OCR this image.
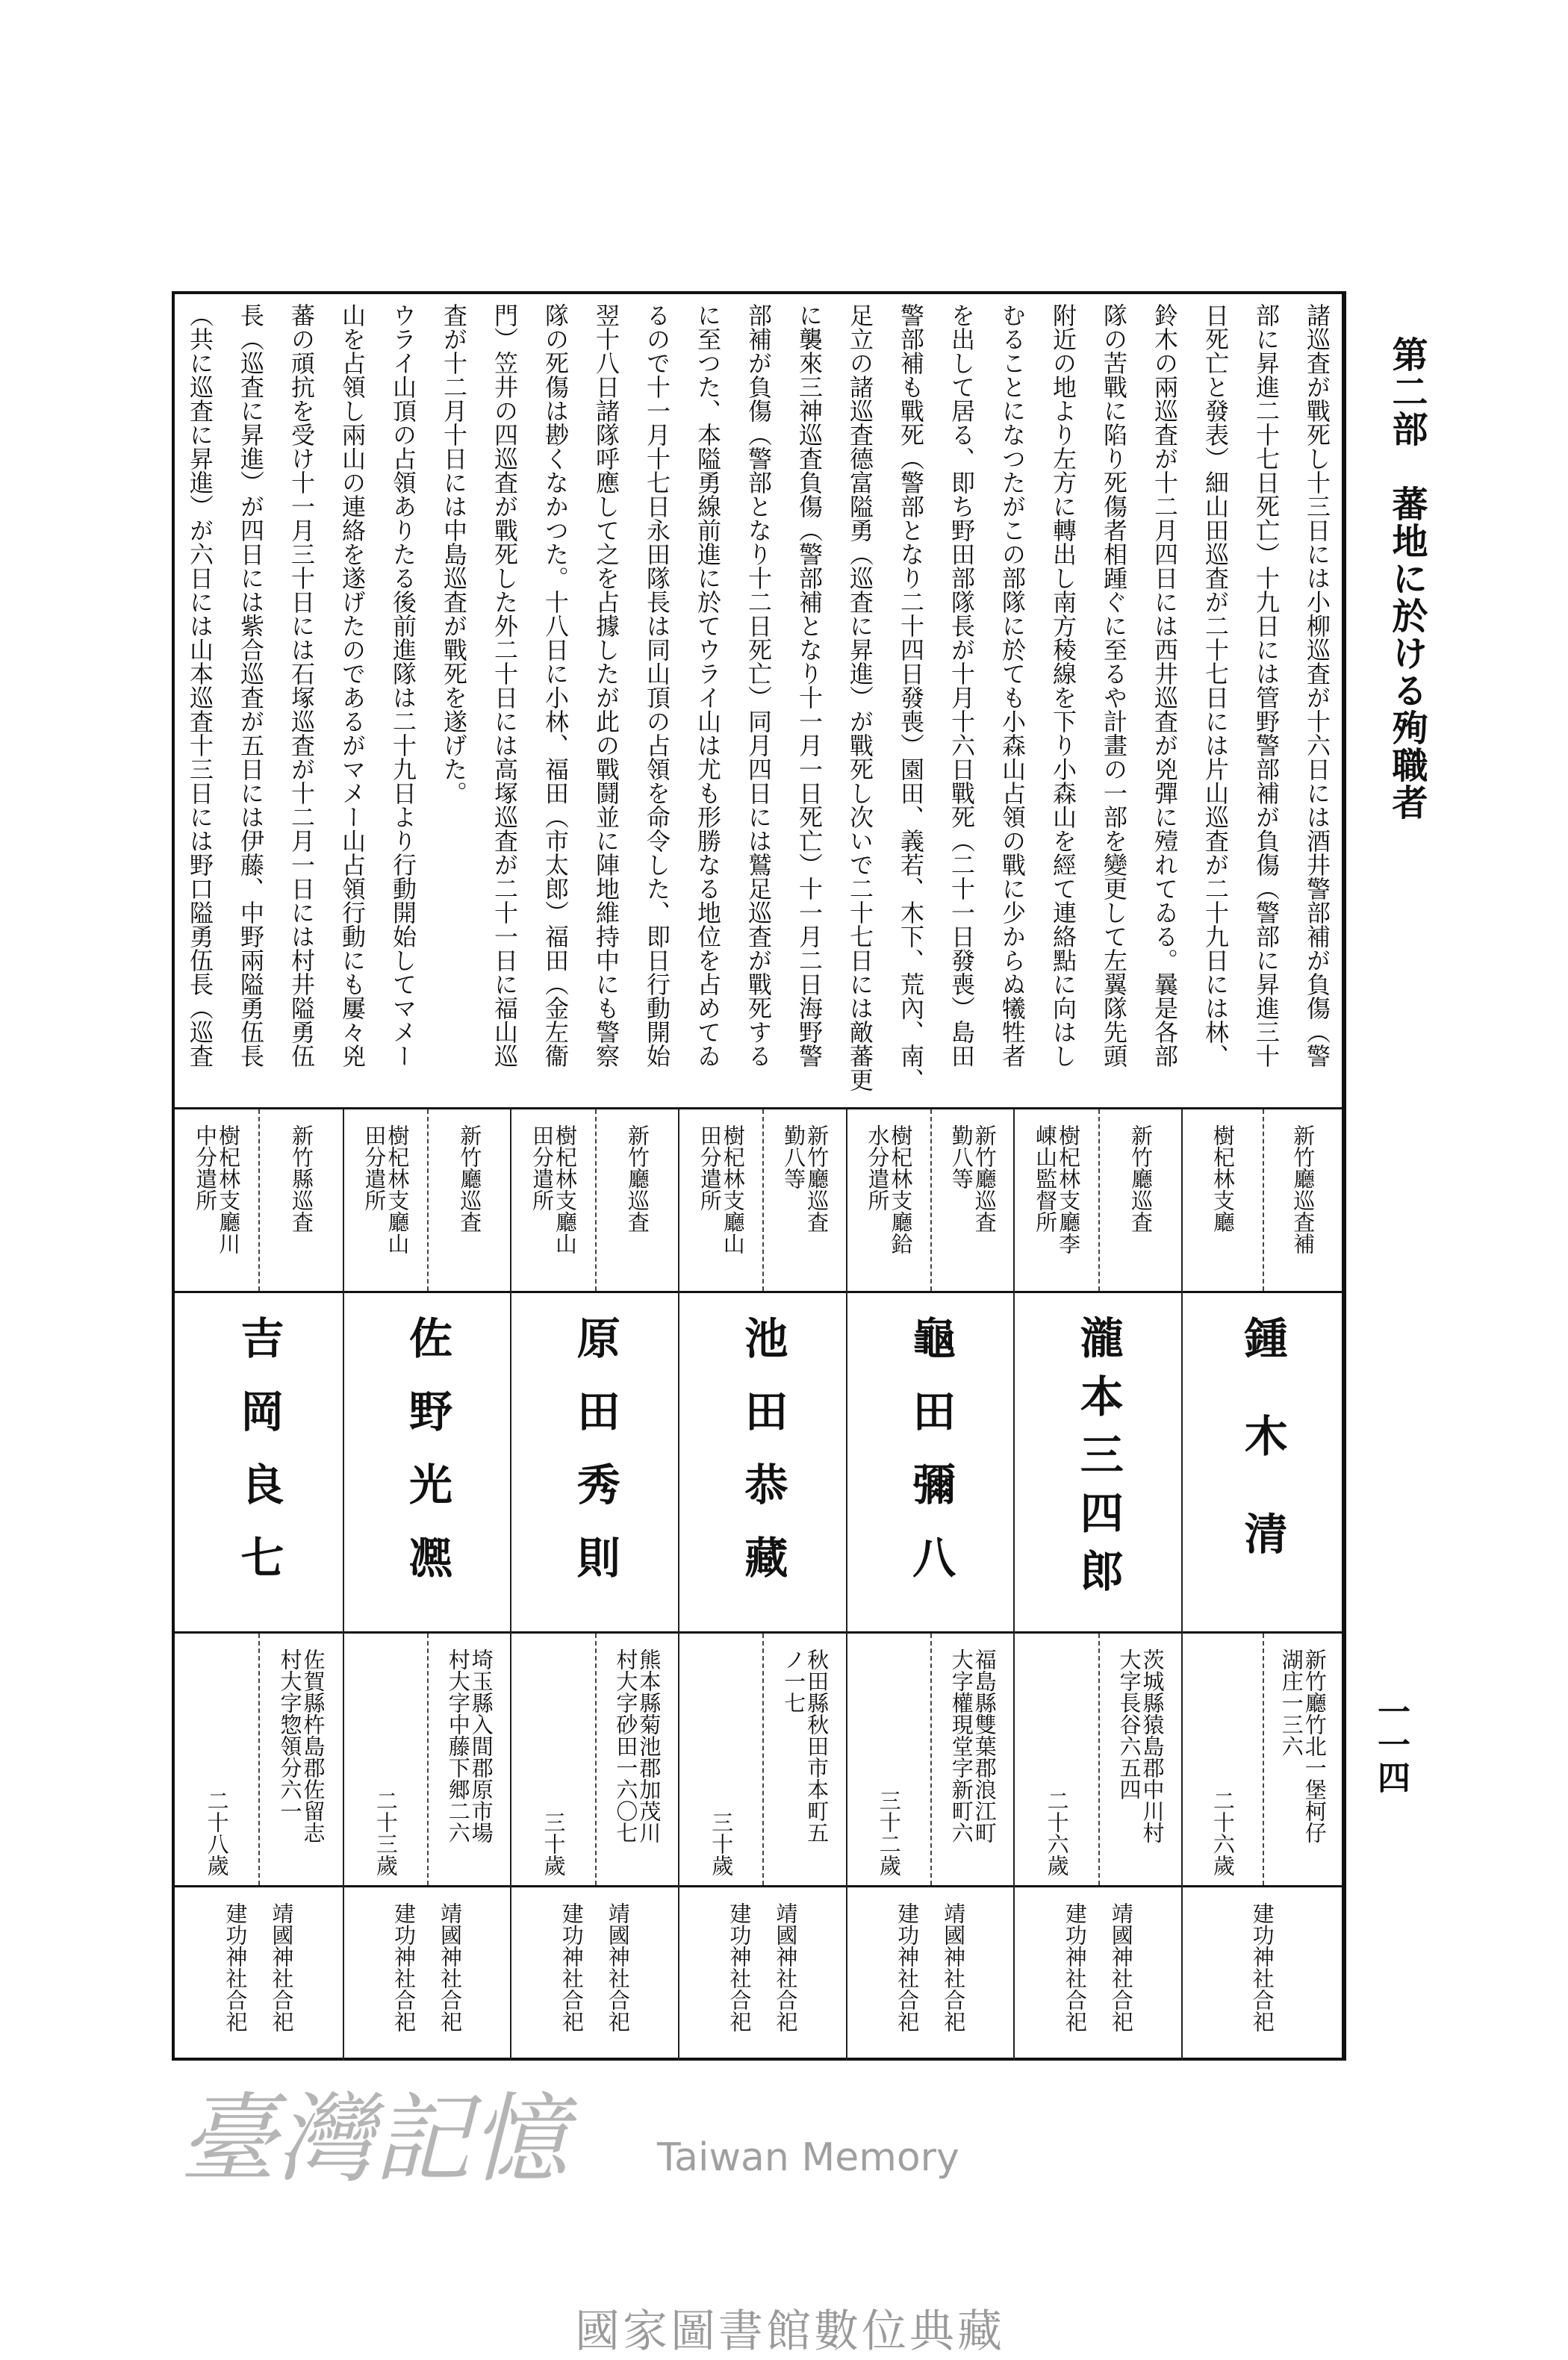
第二部蕃地に於ける殉職者
一一四

諸巡査が戰死し十三日には小柳巡査が十六日には酒井警部補が負傷（警

部に昇進二十七日死亡）十九日には管野警部補が負傷（警部に昇進三十

日死亡と發表）細山田巡査が二十七日には片山巡査が二十九日には林、

鈴木の兩巡査が十二月四日には西井巡査が兇彈に殪れてゐる。曩是各部

隊の苦戰に陷り死傷者相踵ぐに至るや計畫の一部を變更して左翼隊先頭

附近の地より左方に轉出し南方稜線を下り小森山を經て連絡點に向はし

むることになつたがこの部隊に於ても小森山占領の戰に少からぬ犧牲者

を出して居る、即ち野田部隊長が十月十六日戰死（二十一日發喪）島田

警部補も戰死（警部となり二十四日發喪）園田、義若、木下、荒內、南、

足立の諸巡査德富隘勇（巡査に昇進）が戰死し次いで二十七日には敵蕃更

に襲來三神巡査負傷（警部補となり十一月一日死亡）十一月二日海野警

部補が負傷（警部となり十二日死亡）同月四日には鷲足巡査が戰死する

に至つた、本隘勇線前進に於てウライ山は尤も形勝なる地位を占めてゐ

るので十一月十七日永田隊長は同山頂の占領を命令した、即日行動開始

翌十八日諸隊呼應して之を占據したが此の戰鬪並に陣地維持中にも警察

隊の死傷は尠くなかつた。十八日に小林、福田（市太郎）福田（金左衞

門）笠井の四巡査が戰死した外二十日には高塚巡査が二十一日に福山巡

査が十二月十日には中島巡査が戰死を遂げた。

ウライ山頂の占領ありたる後前進隊は二十九日より行動開始してマメー

山を占領し兩山の連絡を遂げたのであるがマメー山占領行動にも屢々兇

蕃の頑抗を受け十一月三十日には石塚巡査が十二月一日には村井隘勇伍

長（巡査に昇進）が四日には紫合巡査が五日には伊藤、中野兩隘勇伍長

（共に巡査に昇進）が六日には山本巡査十三日には野口隘勇伍長（巡査

新竹廳巡査補
樹杞林支廳
鍾木清
新竹廳竹北一堡柯仔
湖庄一三六
二十六歲
建功神社合祀
新竹廳巡査
樹杞林支廳李
崠山監督所
瀧本三四郎
茨城縣猿島郡中川村
大字長谷六五四
二十六歲
靖國神社合祀
建功神社合祀
新竹廳巡査
勤八等
樹杞林支廳鉿
水分遣所
龜田彌八
福島縣雙葉郡浪江町
大字權現堂字新町六
三十二歲
靖國神社合祀
建功神社合祀
新竹廳巡査
勤八等
樹杞林支廳山
田分遣所
池田恭藏
秋田縣秋田市本町五
ノ一七
三十歲
靖國神社合祀
建功神社合祀
新竹廳巡査
樹杞林支廳山
田分遣所
原田秀則
熊本縣菊池郡加茂川
村大字砂田一六〇七
三十歲
靖國神社合祀
建功神社合祀
新竹廳巡査
樹杞林支廳山
田分遣所
佐野光凞
埼玉縣入間郡原市場
村大字中藤下郷二六
二十三歲
靖國神社合祀
建功神社合祀
新竹縣巡査
樹杞林支廳川
中分遣所
吉岡良七
佐賀縣杵島郡佐留志
村大字惣領分六一
二十八歲
靖國神社合祀
建功神社合祀
臺灣記憶 Taiwan Memory
國家圖書館數位典藏
